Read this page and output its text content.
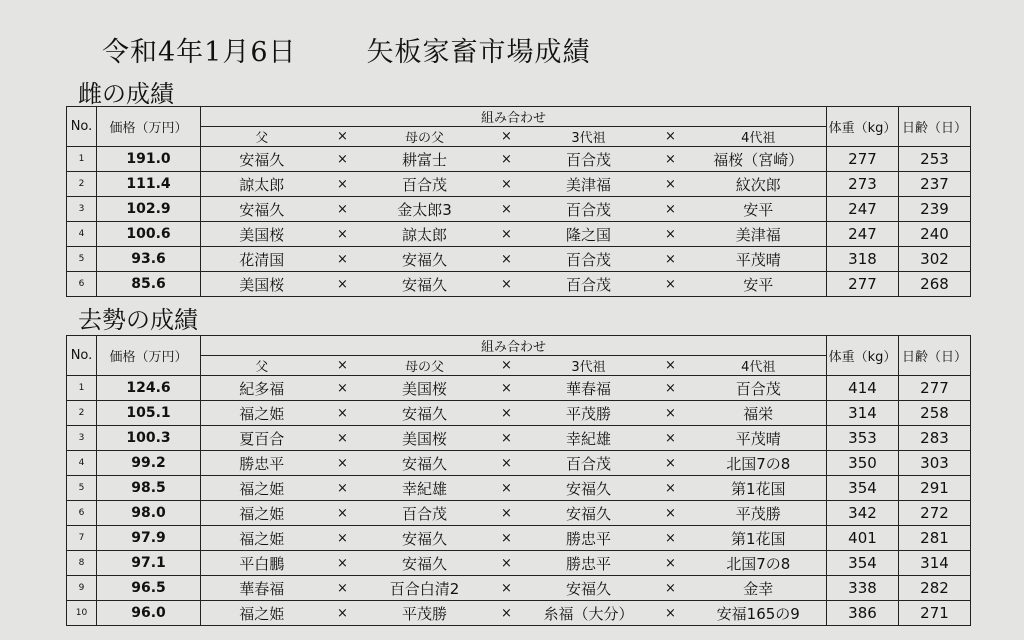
令和4年1月6日	矢板家畜市場成績
雌の成績
No.	価格（万円）	組み合わせ							体重（kg）	日齢（日）
		父	×	母の父	×	3代祖	×	4代祖		
1	191.0	安福久	×	耕富士	×	百合茂	×	福桜（宮崎）	277	253
2	111.4	諒太郎	×	百合茂	×	美津福	×	紋次郎	273	237
3	102.9	安福久	×	金太郎3	×	百合茂	×	安平	247	239
4	100.6	美国桜	×	諒太郎	×	隆之国	×	美津福	247	240
5	93.6	花清国	×	安福久	×	百合茂	×	平茂晴	318	302
6	85.6	美国桜	×	安福久	×	百合茂	×	安平	277	268
去勢の成績
No.	価格（万円）	組み合わせ							体重（kg）	日齢（日）
		父	×	母の父	×	3代祖	×	4代祖		
1	124.6	紀多福	×	美国桜	×	華春福	×	百合茂	414	277
2	105.1	福之姫	×	安福久	×	平茂勝	×	福栄	314	258
3	100.3	夏百合	×	美国桜	×	幸紀雄	×	平茂晴	353	283
4	99.2	勝忠平	×	安福久	×	百合茂	×	北国7の8	350	303
5	98.5	福之姫	×	幸紀雄	×	安福久	×	第1花国	354	291
6	98.0	福之姫	×	百合茂	×	安福久	×	平茂勝	342	272
7	97.9	福之姫	×	安福久	×	勝忠平	×	第1花国	401	281
8	97.1	平白鵬	×	安福久	×	勝忠平	×	北国7の8	354	314
9	96.5	華春福	×	百合白清2	×	安福久	×	金幸	338	282
10	96.0	福之姫	×	平茂勝	×	糸福（大分）	×	安福165の9	386	271
